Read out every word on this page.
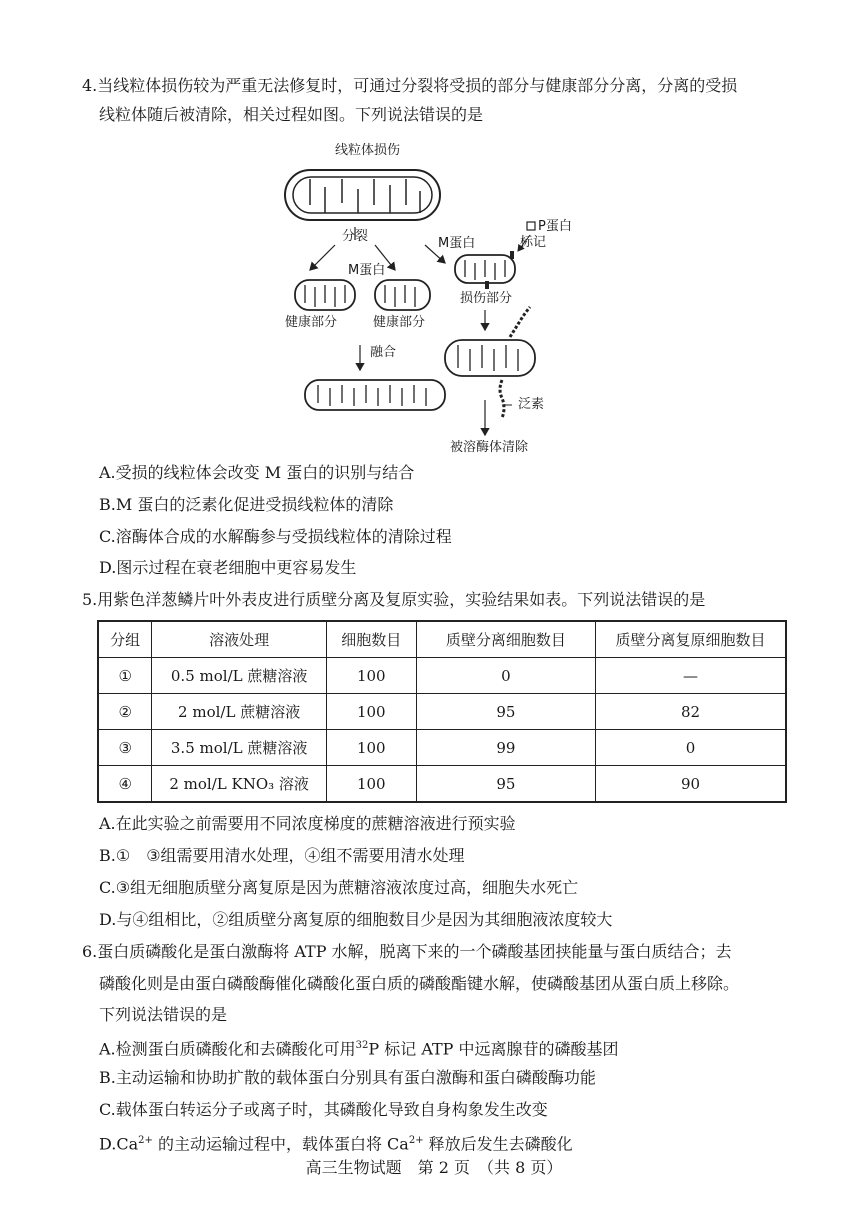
4.当线粒体损伤较为严重无法修复时，可通过分裂将受损的部分与健康部分分离，分离的受损
线粒体随后被清除，相关过程如图。下列说法错误的是
线粒体损伤
分裂
M蛋白
M蛋白
P蛋白
标记
健康部分	健康部分
损伤部分
融合
泛素
被溶酶体清除
A.受损的线粒体会改变 M 蛋白的识别与结合
B.M 蛋白的泛素化促进受损线粒体的清除
C.溶酶体合成的水解酶参与受损线粒体的清除过程
D.图示过程在衰老细胞中更容易发生
5.用紫色洋葱鳞片叶外表皮进行质壁分离及复原实验，实验结果如表。下列说法错误的是
分组	溶液处理	细胞数目	质壁分离细胞数目	质壁分离复原细胞数目
①	0.5 mol/L 蔗糖溶液	100	0	—
②	2 mol/L 蔗糖溶液	100	95	82
③	3.5 mol/L 蔗糖溶液	100	99	0
④	2 mol/L KNO₃ 溶液	100	95	90
A.在此实验之前需要用不同浓度梯度的蔗糖溶液进行预实验
B.①　③组需要用清水处理，④组不需要用清水处理
C.③组无细胞质壁分离复原是因为蔗糖溶液浓度过高，细胞失水死亡
D.与④组相比，②组质壁分离复原的细胞数目少是因为其细胞液浓度较大
6.蛋白质磷酸化是蛋白激酶将 ATP 水解，脱离下来的一个磷酸基团挟能量与蛋白质结合；去
磷酸化则是由蛋白磷酸酶催化磷酸化蛋白质的磷酸酯键水解，使磷酸基团从蛋白质上移除。
下列说法错误的是
A.检测蛋白质磷酸化和去磷酸化可用$^{32}$P 标记 ATP 中远离腺苷的磷酸基团
B.主动运输和协助扩散的载体蛋白分别具有蛋白激酶和蛋白磷酸酶功能
C.载体蛋白转运分子或离子时，其磷酸化导致自身构象发生改变
$D.Ca^{2+}$ 的主动运输过程中，载体蛋白将 $Ca^{2+}$ 释放后发生去磷酸化
高三生物试题　第 2 页　（共 8 页）
